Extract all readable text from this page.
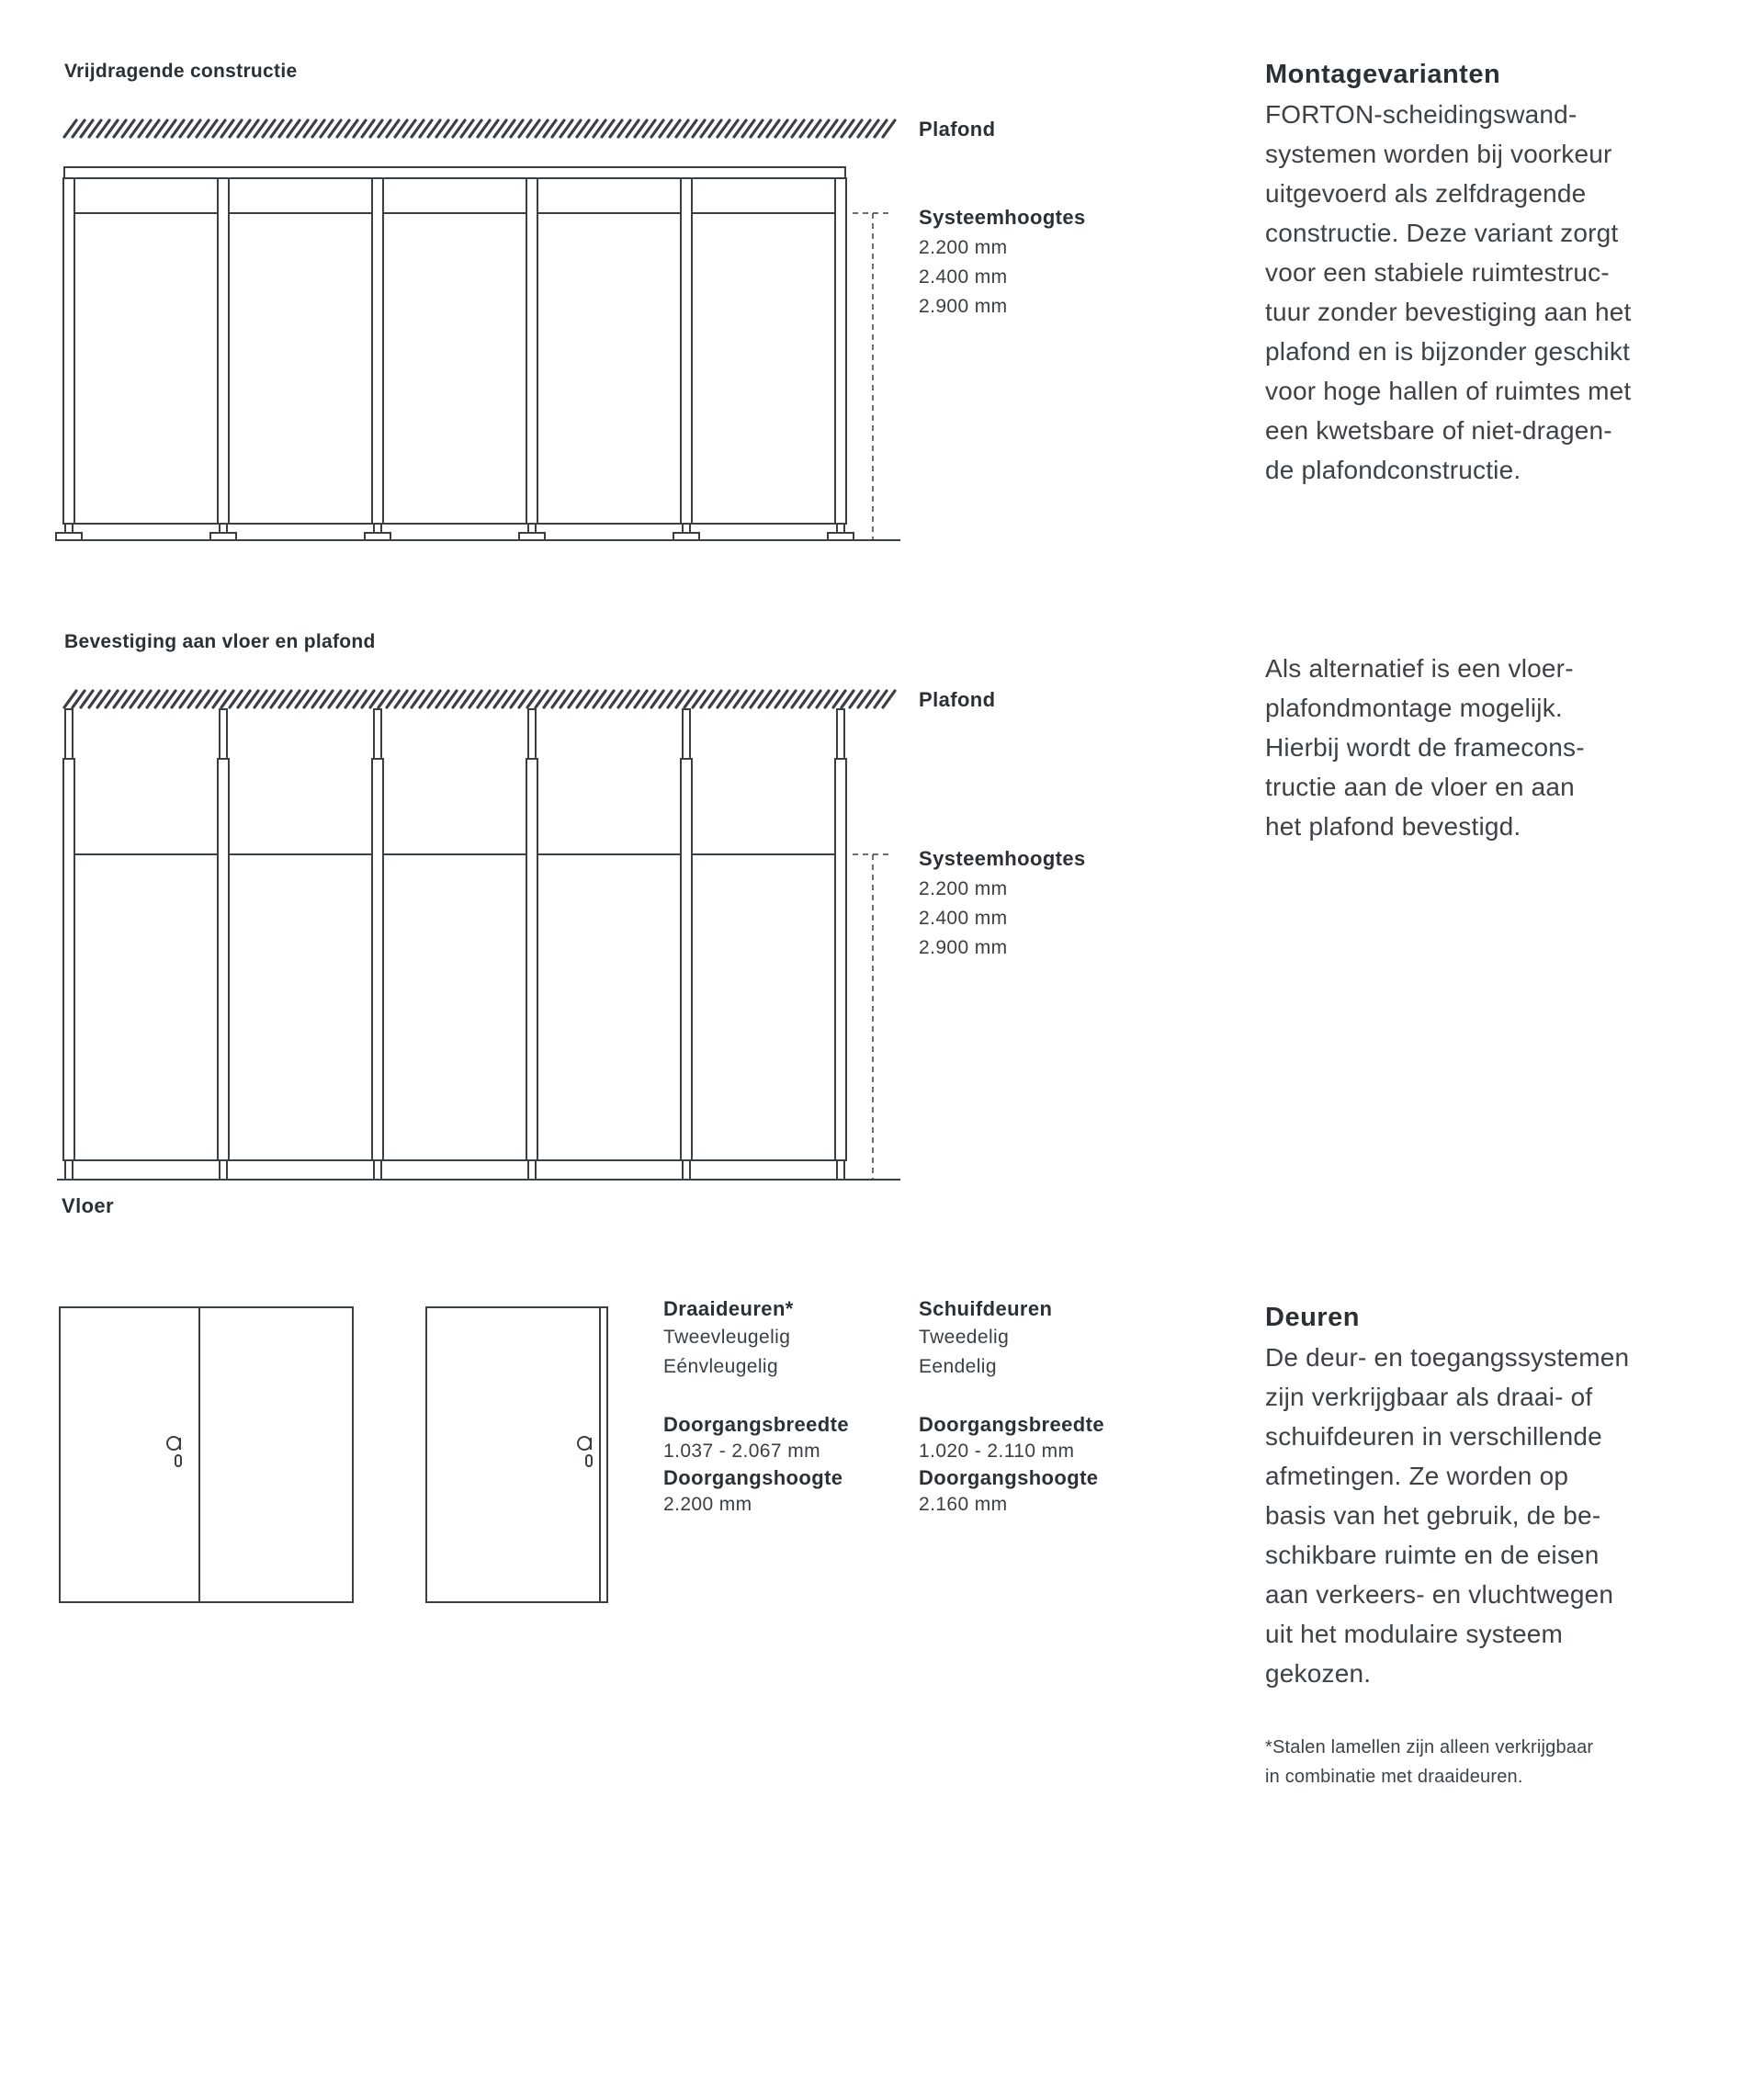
Vrijdragende constructie
Plafond
Systeemhoogtes
2.200 mm
2.400 mm
2.900 mm
Bevestiging aan vloer en plafond
Plafond
Systeemhoogtes
2.200 mm
2.400 mm
2.900 mm
Vloer
Draaideuren*
Tweevleugelig
Eénvleugelig
Doorgangsbreedte
1.037 - 2.067 mm
Doorgangshoogte
2.200 mm
Schuifdeuren
Tweedelig
Eendelig
Doorgangsbreedte
1.020 - 2.110 mm
Doorgangshoogte
2.160 mm
Montagevarianten
FORTON-scheidingswand-
systemen worden bij voorkeur
uitgevoerd als zelfdragende
constructie. Deze variant zorgt
voor een stabiele ruimtestruc-
tuur zonder bevestiging aan het
plafond en is bijzonder geschikt
voor hoge hallen of ruimtes met
een kwetsbare of niet-dragen-
de plafondconstructie.
Als alternatief is een vloer-
plafondmontage mogelijk.
Hierbij wordt de framecons-
tructie aan de vloer en aan
het plafond bevestigd.
Deuren
De deur- en toegangssystemen
zijn verkrijgbaar als draai- of
schuifdeuren in verschillende
afmetingen. Ze worden op
basis van het gebruik, de be-
schikbare ruimte en de eisen
aan verkeers- en vluchtwegen
uit het modulaire systeem
gekozen.
*Stalen lamellen zijn alleen verkrijgbaar
in combinatie met draaideuren.
